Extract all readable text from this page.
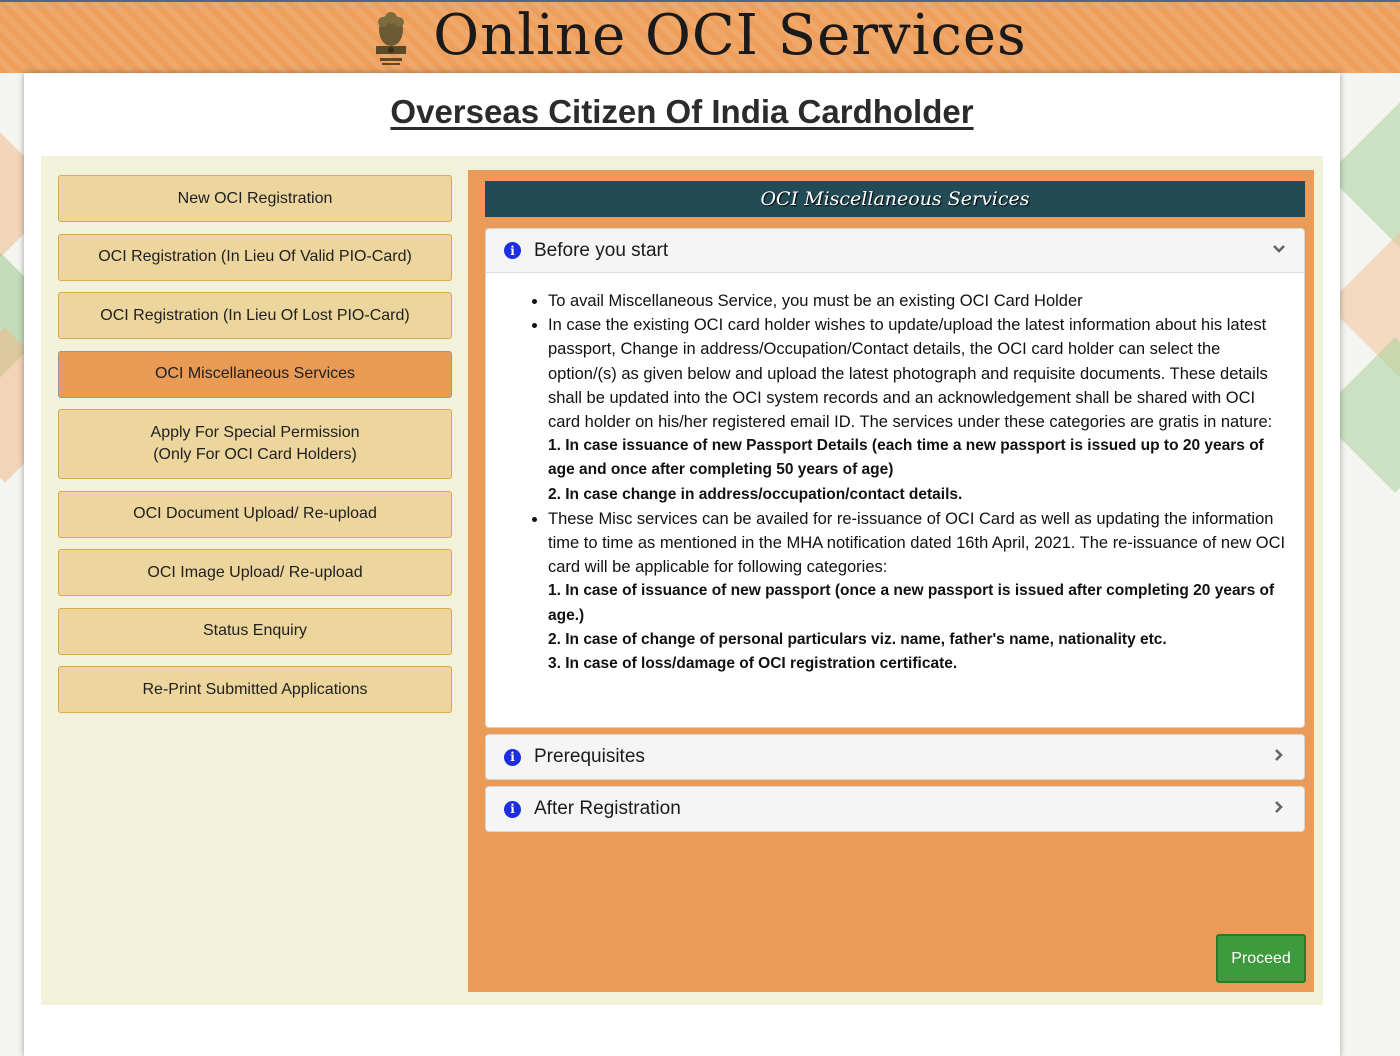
Online OCI Services
Overseas Citizen Of India Cardholder
New OCI Registration
OCI Registration (In Lieu Of Valid PIO-Card)
OCI Registration (In Lieu Of Lost PIO-Card)
OCI Miscellaneous Services
Apply For Special Permission
(Only For OCI Card Holders)
OCI Document Upload/ Re-upload
OCI Image Upload/ Re-upload
Status Enquiry
Re-Print Submitted Applications
OCI Miscellaneous Services
i	Before you start
• To avail Miscellaneous Service, you must be an existing OCI Card Holder
• In case the existing OCI card holder wishes to update/upload the latest information about his latest passport, Change in address/Occupation/Contact details, the OCI card holder can select the option/(s) as given below and upload the latest photograph and requisite documents. These details shall be updated into the OCI system records and an acknowledgement shall be shared with OCI card holder on his/her registered email ID. The services under these categories are gratis in nature:
1. In case issuance of new Passport Details (each time a new passport is issued up to 20 years of age and once after completing 50 years of age)
2. In case change in address/occupation/contact details.
• These Misc services can be availed for re-issuance of OCI Card as well as updating the information time to time as mentioned in the MHA notification dated 16th April, 2021. The re-issuance of new OCI card will be applicable for following categories:
1. In case of issuance of new passport (once a new passport is issued after completing 20 years of age.)
2. In case of change of personal particulars viz. name, father's name, nationality etc.
3. In case of loss/damage of OCI registration certificate.
i	Prerequisites
i	After Registration
Proceed
